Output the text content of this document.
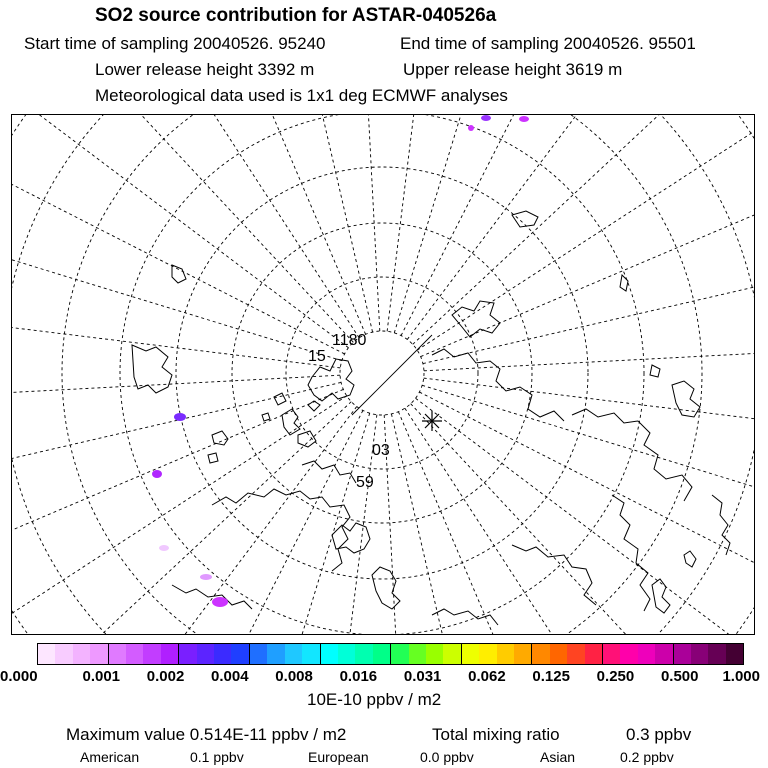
SO2 source contribution for ASTAR-040526a
Start time of sampling 20040526. 95240	End time of sampling 20040526. 95501
Lower release height 3392 m	Upper release height 3619 m
Meteorological data used is 1x1 deg ECMWF analyses
1180
15
03
59
0.000	0.001 0.002 0.004 0.008 0.016 0.031 0.062 0.125 0.250 0.500 1.000
10E-10 ppbv / m2
Maximum value 0.514E-11 ppbv / m2	Total mixing ratio	0.3 ppbv
American	0.1 ppbv	European	0.0 ppbv	Asian	0.2 ppbv
